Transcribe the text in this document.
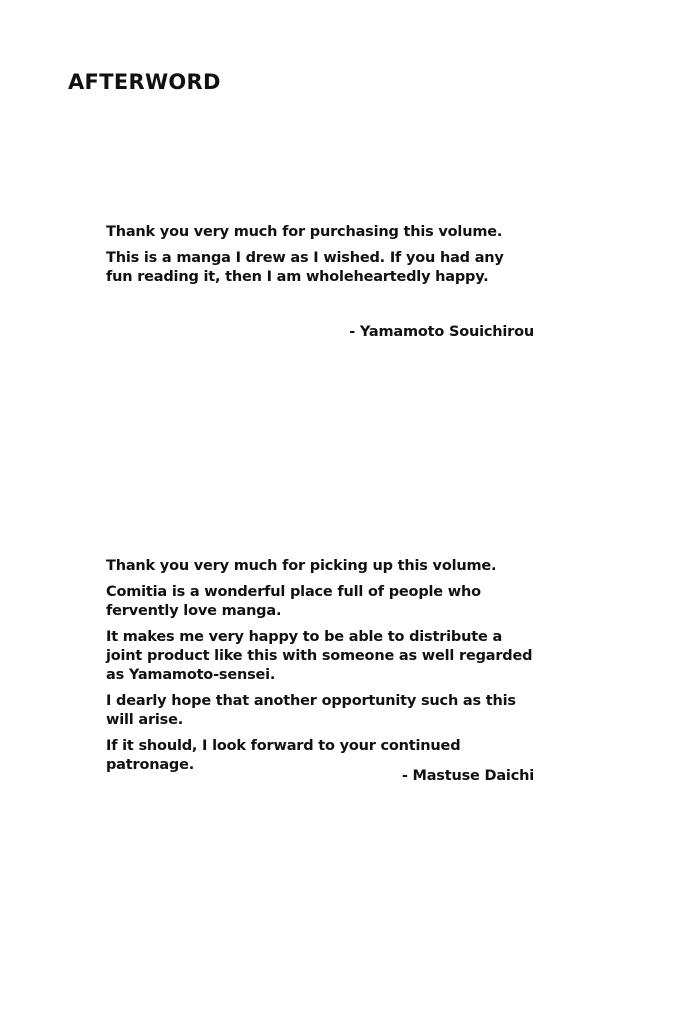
AFTERWORD

Thank you very much for purchasing this volume.

This is a manga I drew as I wished. If you had any fun reading it, then I am wholeheartedly happy.

- Yamamoto Souichirou

Thank you very much for picking up this volume.

Comitia is a wonderful place full of people who fervently love manga.

It makes me very happy to be able to distribute a joint product like this with someone as well regarded as Yamamoto-sensei.

I dearly hope that another opportunity such as this will arise.

If it should, I look forward to your continued patronage.

- Mastuse Daichi
